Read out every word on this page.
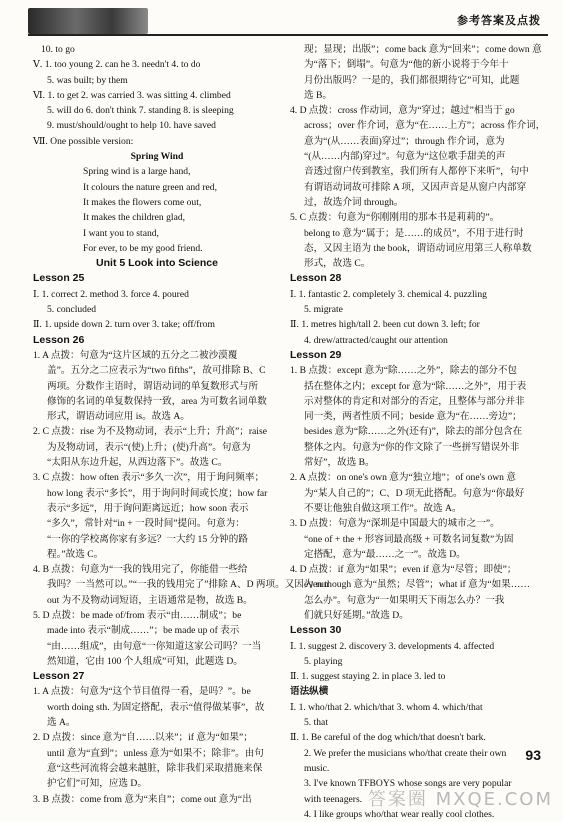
参考答案及点拨
10. to go
Ⅴ. 1. too young 2. can he 3. needn't 4. to do
5. was built; by them
Ⅵ. 1. to get 2. was carried 3. was sitting 4. climbed
5. will do 6. don't think 7. standing 8. is sleeping
9. must/should/ought to help 10. have saved
Ⅶ. One possible version:
Spring Wind
Spring wind is a large hand,
It colours the nature green and red,
It makes the flowers come out,
It makes the children glad,
I want you to stand,
For ever, to be my good friend.
Unit 5 Look into Science
Lesson 25
Ⅰ. 1. correct 2. method 3. force 4. poured
5. concluded
Ⅱ. 1. upside down 2. turn over 3. take; off/from
Lesson 26
1. A 点拨：句意为“这片区域的五分之二被沙漠覆
盖”。五分之二应表示为“two fifths”，故可排除 B、C
两项。分数作主语时，谓语动词的单复数形式与所
修饰的名词的单复数保持一致，area 为可数名词单数
形式，谓语动词应用 is。故选 A。
2. C 点拨：rise 为不及物动词，表示“上升；升高”；raise
为及物动词，表示“(使)上升；(使)升高”。句意为
“太阳从东边升起，从西边落下”。故选 C。
3. C 点拨：how often 表示“多久一次”，用于询问频率；
how long 表示“多长”，用于询问时间或长度；how far
表示“多远”，用于询问距离远近；how soon 表示
“多久”，常针对“in + 一段时间”提问。句意为：
“一你的学校离你家有多远？一大约 15 分钟的路
程。”故选 C。
4. B 点拨：句意为“一我的钱用完了，你能借一些给
我吗？一当然可以。”“一我的钱用完了”排除 A、D 两项。又因为 run
out 为不及物动词短语，主语通常是物，故选 B。
5. D 点拨：be made of/from 表示“由……制成”；be
made into 表示“制成……”；be made up of 表示
“由……组成”，由句意“一你知道这家公司吗？一当
然知道，它由 100 个人组成”可知，此题选 D。
Lesson 27
1. A 点拨：句意为“这个节目值得一看，是吗？”。be
worth doing sth. 为固定搭配，表示“值得做某事”，故
选 A。
2. D 点拨：since 意为“自……以来”；if 意为“如果”；
until 意为“直到”；unless 意为“如果不；除非”。由句
意“这些河流将会越来越脏，除非我们采取措施来保
护它们”可知，应选 D。
3. B 点拨：come from 意为“来自”；come out 意为“出
现；显现；出版”；come back 意为“回来”；come down 意
为“落下；倒塌”。句意为“他的新小说将于今年十
月份出版吗？一是的，我们都很期待它”可知，此题
选 B。
4. D 点拨：cross 作动词，意为“穿过；越过”相当于 go
across；over 作介词，意为“在……上方”；across 作介词，
意为“(从……表面)穿过”；through 作介词，意为
“(从……内部)穿过”。句意为“这位歌手甜美的声
音透过窗户传到教室，我们所有人都停下来听”，句中
有谓语动词故可排除 A 项，又因声音是从窗户内部穿
过，故选介词 through。
5. C 点拨：句意为“你刚刚用的那本书是莉莉的”。
belong to 意为“属于；是……的成员”，不用于进行时
态，又因主语为 the book，谓语动词应用第三人称单数
形式，故选 C。
Lesson 28
Ⅰ. 1. fantastic 2. completely 3. chemical 4. puzzling
5. migrate
Ⅱ. 1. metres high/tall 2. been cut down 3. left; for
4. drew/attracted/caught our attention
Lesson 29
1. B 点拨：except 意为“除……之外”，除去的部分不包
括在整体之内；except for 意为“除……之外”，用于表
示对整体的肯定和对部分的否定，且整体与部分并非
同一类，两者性质不同；beside 意为“在……旁边”；
besides 意为“除……之外(还有)”，除去的部分包含在
整体之内。句意为“你的作文除了一些拼写错误外非
常好”，故选 B。
2. A 点拨：on one's own 意为“独立地”；of one's own 意
为“某人自己的”；C、D 项无此搭配。句意为“你最好
不要让他独自做这项工作”。故选 A。
3. D 点拨：句意为“深圳是中国最大的城市之一”。
“one of + the + 形容词最高级 + 可数名词复数”为固
定搭配，意为“最……之一”。故选 D。
4. D 点拨：if 意为“如果”；even if 意为“尽管；即使”；
even though 意为“虽然；尽管”；what if 意为“如果……
怎么办”。句意为“一如果明天下雨怎么办？一我
们就只好延期。”故选 D。
Lesson 30
Ⅰ. 1. suggest 2. discovery 3. developments 4. affected
5. playing
Ⅱ. 1. suggest staying 2. in place 3. led to
语法纵横
Ⅰ. 1. who/that 2. which/that 3. whom 4. which/that
5. that
Ⅱ. 1. Be careful of the dog which/that doesn't bark.
2. We prefer the musicians who/that create their own
music.
3. I've known TFBOYS whose songs are very popular
with teenagers.
4. I like groups who/that wear really cool clothes.
93
答案圈 MXQE.COM
